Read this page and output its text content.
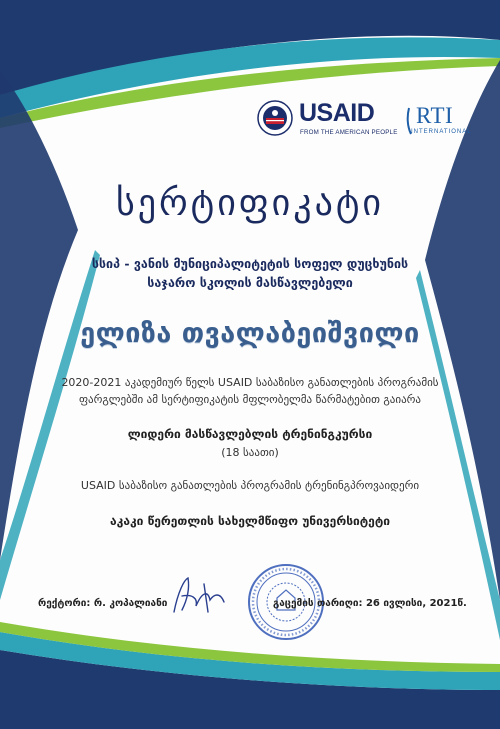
USAID
FROM THE AMERICAN PEOPLE
RTI
INTERNATIONAL
სერტიფიკატი
სსიპ - ვანის მუნიციპალიტეტის სოფელ დუცხუნის
საჯარო სკოლის მასწავლებელი
ელიზა თვალაბეიშვილი
2020-2021 აკადემიურ წელს USAID საბაზისო განათლების პროგრამის
ფარგლებში ამ სერტიფიკატის მფლობელმა წარმატებით გაიარა
ლიდერი მასწავლებლის ტრენინგკურსი
(18 საათი)
USAID საბაზისო განათლების პროგრამის ტრენინგპროვაიდერი
აკაკი წერეთლის სახელმწიფო უნივერსიტეტი
რექტორი: რ. კოპალიანი	გაცემის თარიღი: 26 ივლისი, 2021წ.
